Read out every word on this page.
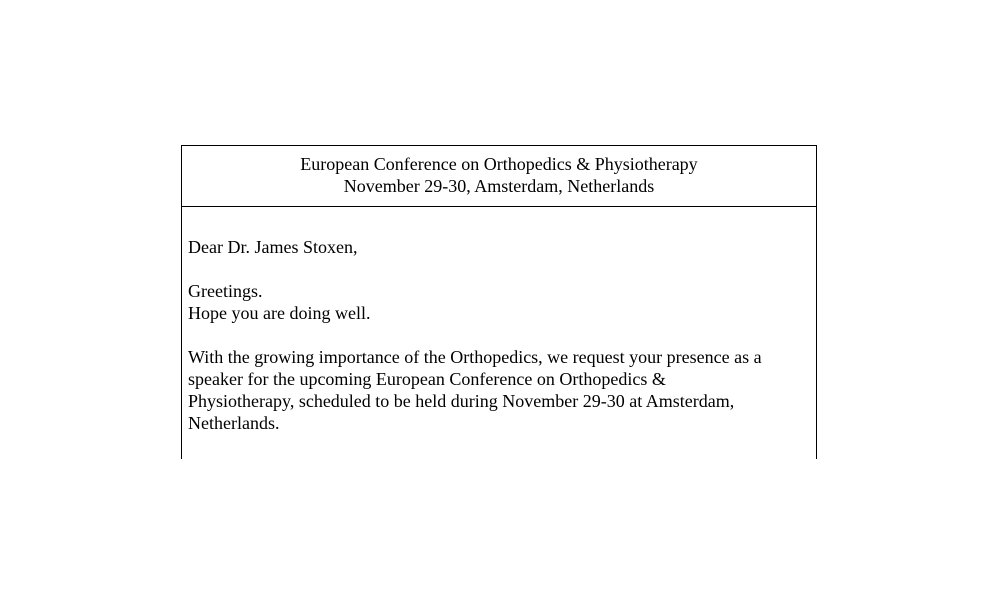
European Conference on Orthopedics & Physiotherapy
November 29-30, Amsterdam, Netherlands

Dear Dr. James Stoxen,

Greetings.
Hope you are doing well.

With the growing importance of the Orthopedics, we request your presence as a
speaker for the upcoming European Conference on Orthopedics &
Physiotherapy, scheduled to be held during November 29-30 at Amsterdam,
Netherlands.
